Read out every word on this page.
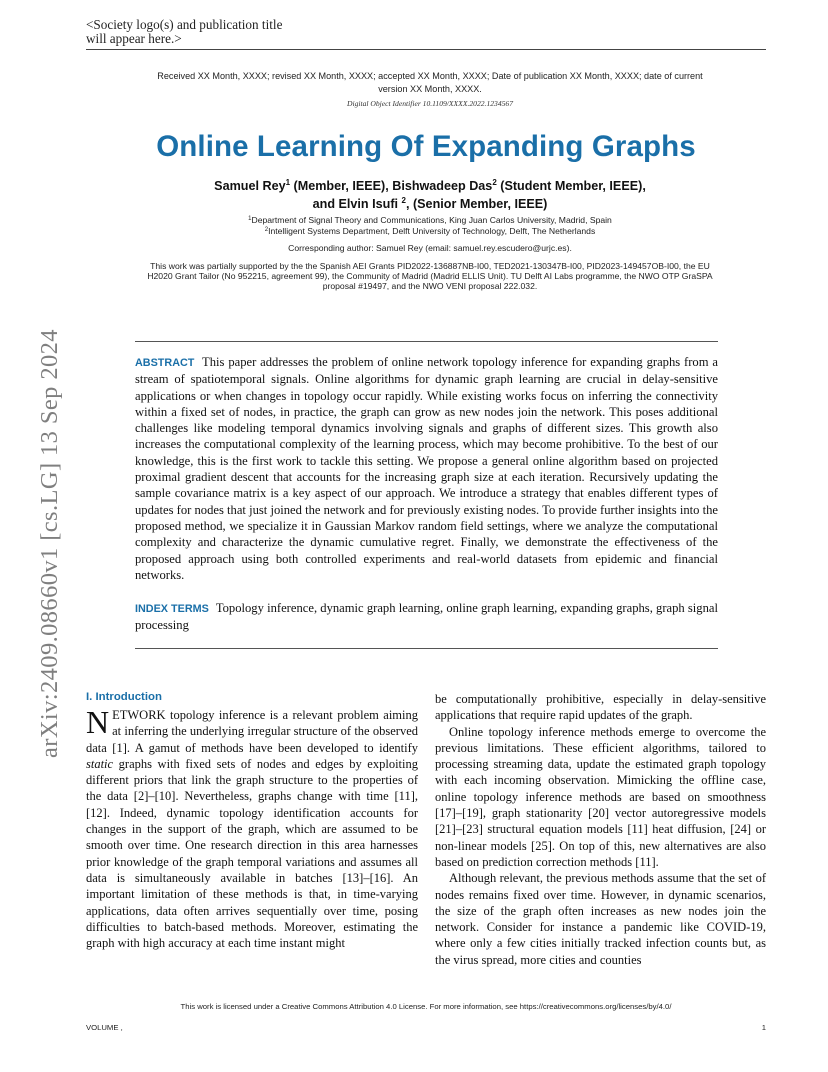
<Society logo(s) and publication title will appear here.>
Received XX Month, XXXX; revised XX Month, XXXX; accepted XX Month, XXXX; Date of publication XX Month, XXXX; date of current version XX Month, XXXX.
Digital Object Identifier 10.1109/XXXX.2022.1234567
Online Learning Of Expanding Graphs
Samuel Rey$^1$ (Member, IEEE), Bishwadeep Das$^2$ (Student Member, IEEE),
and Elvin Isufi $^2$, (Senior Member, IEEE)
$^1$Department of Signal Theory and Communications, King Juan Carlos University, Madrid, Spain
$^2$Intelligent Systems Department, Delft University of Technology, Delft, The Netherlands
Corresponding author: Samuel Rey (email: samuel.rey.escudero@urjc.es).
This work was partially supported by the the Spanish AEI Grants PID2022-136887NB-I00, TED2021-130347B-I00, PID2023-149457OB-I00, the EU H2020 Grant Tailor (No 952215, agreement 99), the Community of Madrid (Madrid ELLIS Unit). TU Delft AI Labs programme, the NWO OTP GraSPA proposal #19497, and the NWO VENI proposal 222.032.
ABSTRACT This paper addresses the problem of online network topology inference for expanding graphs from a stream of spatiotemporal signals. Online algorithms for dynamic graph learning are crucial in delay-sensitive applications or when changes in topology occur rapidly. While existing works focus on inferring the connectivity within a fixed set of nodes, in practice, the graph can grow as new nodes join the network. This poses additional challenges like modeling temporal dynamics involving signals and graphs of different sizes. This growth also increases the computational complexity of the learning process, which may become prohibitive. To the best of our knowledge, this is the first work to tackle this setting. We propose a general online algorithm based on projected proximal gradient descent that accounts for the increasing graph size at each iteration. Recursively updating the sample covariance matrix is a key aspect of our approach. We introduce a strategy that enables different types of updates for nodes that just joined the network and for previously existing nodes. To provide further insights into the proposed method, we specialize it in Gaussian Markov random field settings, where we analyze the computational complexity and characterize the dynamic cumulative regret. Finally, we demonstrate the effectiveness of the proposed approach using both controlled experiments and real-world datasets from epidemic and financial networks.
INDEX TERMS Topology inference, dynamic graph learning, online graph learning, expanding graphs, graph signal processing
arXiv:2409.08660v1 [cs.LG] 13 Sep 2024 I. Introduction

NETWORK topology inference is a relevant problem aiming at inferring the underlying irregular structure of the observed data [1]. A gamut of methods have been developed to identify static graphs with fixed sets of nodes and edges by exploiting different priors that link the graph structure to the properties of the data [2]–[10]. Nevertheless, graphs change with time [11], [12]. Indeed, dynamic topology identification accounts for changes in the support of the graph, which are assumed to be smooth over time. One research direction in this area harnesses prior knowledge of the graph temporal variations and assumes all data is simultaneously available in batches [13]–[16]. An important limitation of these methods is that, in time-varying applications, data often arrives sequentially over time, posing difficulties to batch-based methods. Moreover, estimating the graph with high accuracy at each time instant might

be computationally prohibitive, especially in delay-sensitive applications that require rapid updates of the graph.

Online topology inference methods emerge to overcome the previous limitations. These efficient algorithms, tailored to processing streaming data, update the estimated graph topology with each incoming observation. Mimicking the offline case, online topology inference methods are based on smoothness [17]–[19], graph stationarity [20] vector autoregressive models [21]–[23] structural equation models [11] heat diffusion, [24] or non-linear models [25]. On top of this, new alternatives are also based on prediction correction methods [11].

Although relevant, the previous methods assume that the set of nodes remains fixed over time. However, in dynamic scenarios, the size of the graph often increases as new nodes join the network. Consider for instance a pandemic like COVID-19, where only a few cities initially tracked infection counts but, as the virus spread, more cities and counties

This work is licensed under a Creative Commons Attribution 4.0 License. For more information, see https://creativecommons.org/licenses/by/4.0/
VOLUME ,	1
